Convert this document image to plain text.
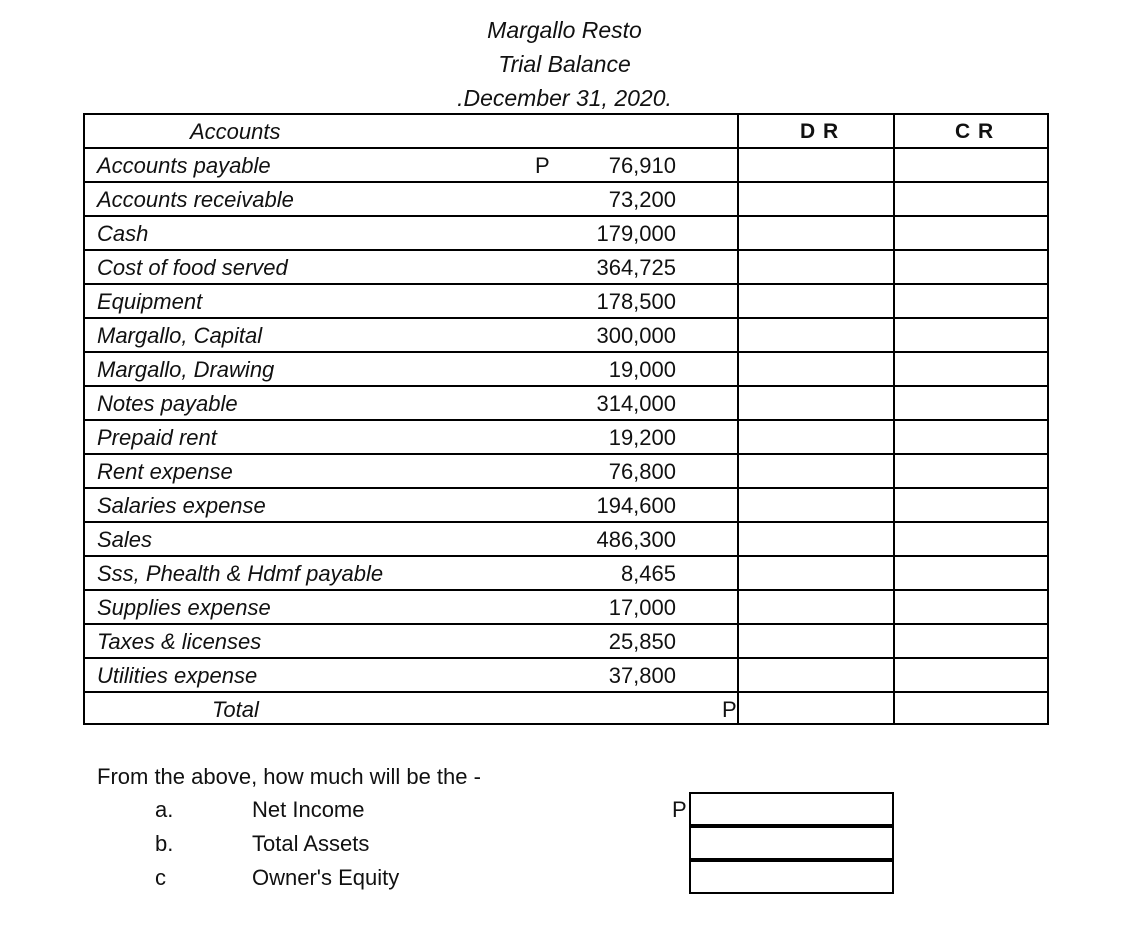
Margallo Resto
Trial Balance
.December 31, 2020.
Accounts	D R	C R
Accounts payable	P	76,910
Accounts receivable	73,200
Cash	179,000
Cost of food served	364,725
Equipment	178,500
Margallo, Capital	300,000
Margallo, Drawing	19,000
Notes payable	314,000
Prepaid rent	19,200
Rent expense	76,800
Salaries expense	194,600
Sales	486,300
Sss, Phealth & Hdmf payable	8,465
Supplies expense	17,000
Taxes & licenses	25,850
Utilities expense	37,800
Total	P
From the above, how much will be the -
a.	Net Income
b.	Total Assets
c	Owner's Equity
P
